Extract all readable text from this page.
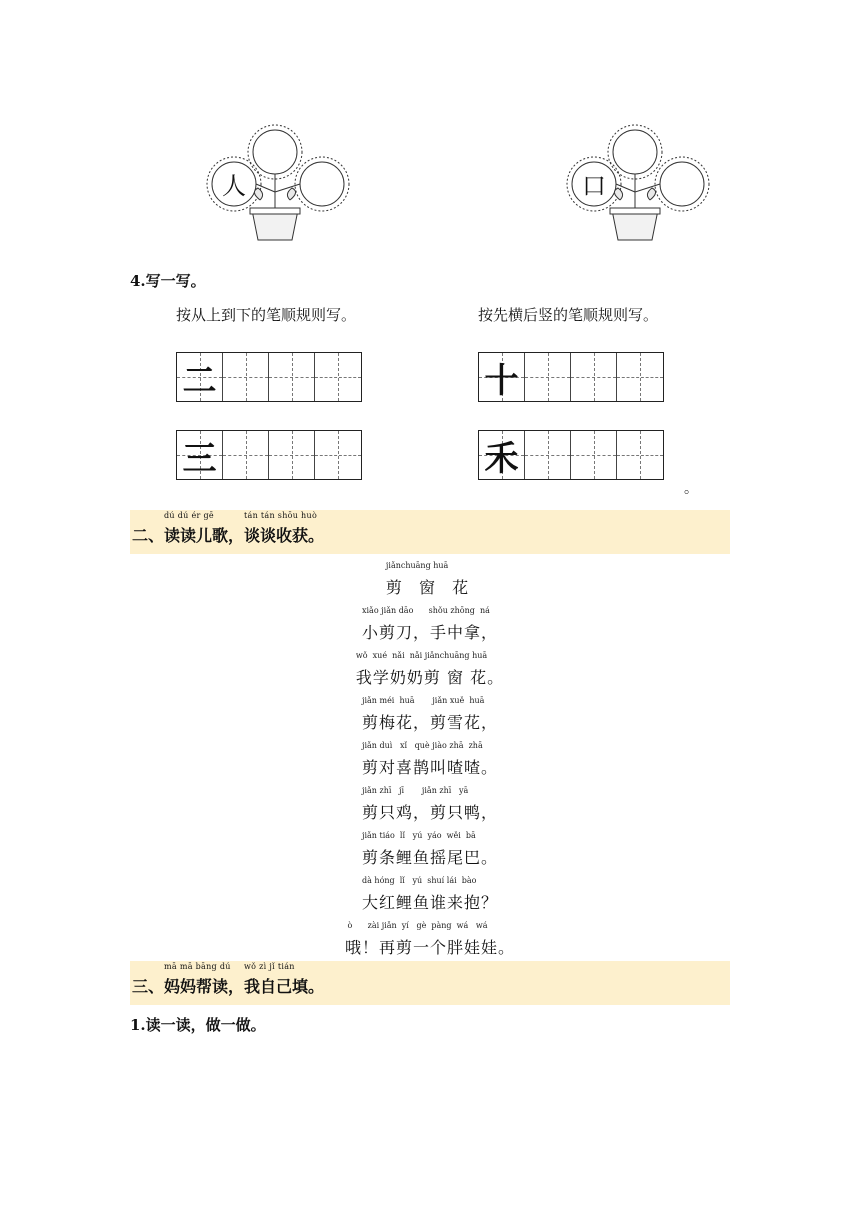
人	口
4.写一写。
按从上到下的笔顺规则写。	按先横后竖的笔顺规则写。
二
三
十
禾
。
二、
dú dú ér gē
读读儿歌，
tán tán shōu huò
谈谈收获。
jiǎnchuāng huā
剪 窗 花
xiǎo jiǎn dāo      shǒu zhōng  ná
小剪刀，手中拿，
wǒ  xué  nǎi  nǎi jiǎnchuāng huā
我学奶奶剪 窗 花。
jiǎn méi  huā       jiǎn xuě  huā
剪梅花，剪雪花，
jiǎn duì   xǐ   què jiào zhā  zhā
剪对喜鹊叫喳喳。
jiǎn zhī   jī       jiǎn zhī   yā
剪只鸡，剪只鸭，
jiǎn tiáo  lǐ   yú  yáo  wěi  bā
剪条鲤鱼摇尾巴。
dà hóng  lǐ   yú  shuí lái  bào
大红鲤鱼谁来抱？
ò      zài jiǎn  yí   gè  pàng  wá   wá
哦！再剪一个胖娃娃。
三、
mā mā bāng dú
妈妈帮读，
wǒ zì jǐ tián
我自己填。
1.读一读，做一做。
